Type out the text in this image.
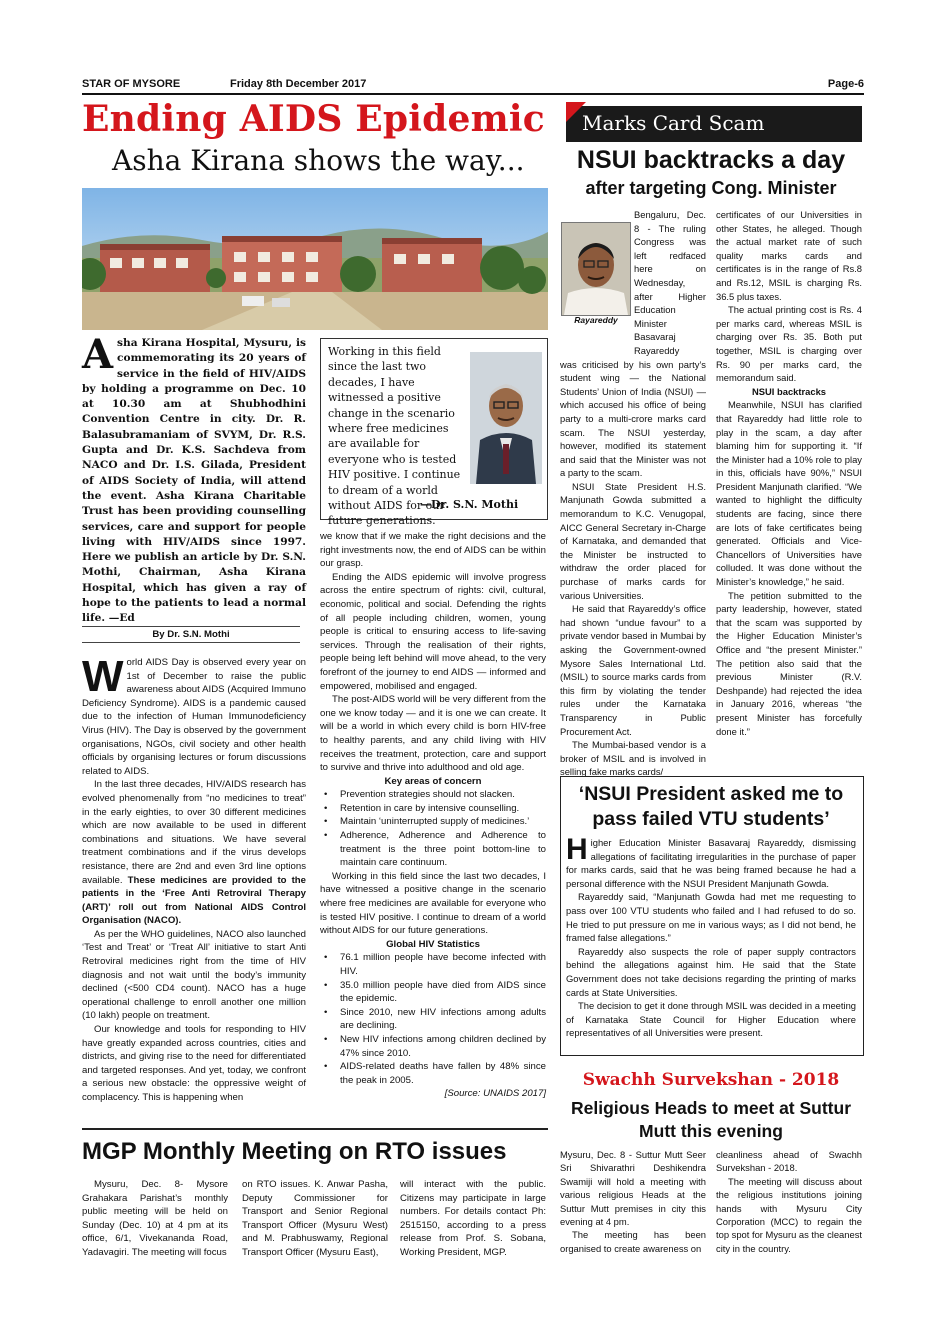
STAR OF MYSORE	Friday 8th December 2017	Page-6
Ending AIDS Epidemic
Asha Kirana shows the way...
Asha Kirana Hospital, Mysuru, is commemorating its 20 years of service in the field of HIV/AIDS by holding a programme on Dec. 10 at 10.30 am at Shubhodhini Convention Centre in city. Dr. R. Balasubramaniam of SVYM, Dr. R.S. Gupta and Dr. K.S. Sachdeva from NACO and Dr. I.S. Gilada, President of AIDS Society of India, will attend the event. Asha Kirana Charitable Trust has been providing counselling services, care and support for people living with HIV/AIDS since 1997. Here we publish an article by Dr. S.N. Mothi, Chairman, Asha Kirana Hospital, which has given a ray of hope to the patients to lead a normal life. —Ed
By Dr. S.N. Mothi

World AIDS Day is observed every year on 1st of December to raise the public awareness about AIDS (Acquired Immuno Deficiency Syndrome). AIDS is a pandemic caused due to the infection of Human Immunodeficiency Virus (HIV). The Day is observed by the government organisations, NGOs, civil society and other health officials by organising lectures or forum discussions related to AIDS.

In the last three decades, HIV/AIDS research has evolved phenomenally from “no medicines to treat” in the early eighties, to over 30 different medicines which are now available to be used in different combinations and situations. We have several treatment combinations and if the virus develops resistance, there are 2nd and even 3rd line options available. These medicines are provided to the patients in the ‘Free Anti Retroviral Therapy (ART)’ roll out from National AIDS Control Organisation (NACO).

As per the WHO guidelines, NACO also launched ‘Test and Treat’ or ‘Treat All’ initiative to start Anti Retroviral medicines right from the time of HIV diagnosis and not wait until the body’s immunity declined (<500 CD4 count). NACO has a huge operational challenge to enroll another one million (10 lakh) people on treatment.

Our knowledge and tools for responding to HIV have greatly expanded across countries, cities and districts, and giving rise to the need for differentiated and targeted responses. And yet, today, we confront a serious new obstacle: the oppressive weight of complacency. This is happening when

Working in this field since the last two decades, I have witnessed a positive change in the scenario where free medicines are available for everyone who is tested HIV positive. I continue to dream of a world without AIDS for our future generations.
—Dr. S.N. Mothi

we know that if we make the right decisions and the right investments now, the end of AIDS can be within our grasp.

Ending the AIDS epidemic will involve progress across the entire spectrum of rights: civil, cultural, economic, political and social. Defending the rights of all people including children, women, young people is critical to ensuring access to life-saving services. Through the realisation of their rights, people being left behind will move ahead, to the very forefront of the journey to end AIDS — informed and empowered, mobilised and engaged.

The post-AIDS world will be very different from the one we know today — and it is one we can create. It will be a world in which every child is born HIV-free to healthy parents, and any child living with HIV receives the treatment, protection, care and support to survive and thrive into adulthood and old age.

Key areas of concern
• Prevention strategies should not slacken.
• Retention in care by intensive counselling.
• Maintain ‘uninterrupted supply of medicines.’
• Adherence, Adherence and Adherence to treatment is the three point bottom-line to maintain care continuum.

Working in this field since the last two decades, I have witnessed a positive change in the scenario where free medicines are available for everyone who is tested HIV positive. I continue to dream of a world without AIDS for our future generations.

Global HIV Statistics
• 76.1 million people have become infected with HIV.
• 35.0 million people have died from AIDS since the epidemic.
• Since 2010, new HIV infections among adults are declining.
• New HIV infections among children declined by 47% since 2010.
• AIDS-related deaths have fallen by 48% since the peak in 2005.
[Source: UNAIDS 2017]
MGP Monthly Meeting on RTO issues

Mysuru, Dec. 8- Mysore Grahakara Parishat’s monthly public meeting will be held on Sunday (Dec. 10) at 4 pm at its office, 6/1, Vivekananda Road, Yadavagiri. The meeting will focus

on RTO issues. K. Anwar Pasha, Deputy Commissioner for Transport and Senior Regional Transport Officer (Mysuru West) and M. Prabhuswamy, Regional Transport Officer (Mysuru East),

will interact with the public. Citizens may participate in large numbers. For details contact Ph: 2515150, according to a press release from Prof. S. Sobana, Working President, MGP.

Marks Card Scam
NSUI backtracks a day
after targeting Cong. Minister
Rayareddy

Bengaluru, Dec. 8 - The ruling Congress was left redfaced here on Wednesday, after Higher Education Minister Basavaraj Rayareddy

was criticised by his own party’s student wing — the National Students’ Union of India (NSUI) — which accused his office of being party to a multi-crore marks card scam. The NSUI yesterday, however, modified its statement and said that the Minister was not a party to the scam.

NSUI State President H.S. Manjunath Gowda submitted a memorandum to K.C. Venugopal, AICC General Secretary in-Charge of Karnataka, and demanded that the Minister be instructed to withdraw the order placed for purchase of marks cards for various Universities.

He said that Rayareddy’s office had shown “undue favour” to a private vendor based in Mumbai by asking the Government-owned Mysore Sales International Ltd. (MSIL) to source marks cards from this firm by violating the tender rules under the Karnataka Transparency in Public Procurement Act.

The Mumbai-based vendor is a broker of MSIL and is involved in selling fake marks cards/

certificates of our Universities in other States, he alleged. Though the actual market rate of such quality marks cards and certificates is in the range of Rs.8 and Rs.12, MSIL is charging Rs. 36.5 plus taxes.

The actual printing cost is Rs. 4 per marks card, whereas MSIL is charging over Rs. 35. Both put together, MSIL is charging over Rs. 90 per marks card, the memorandum said.

NSUI backtracks

Meanwhile, NSUI has clarified that Rayareddy had little role to play in the scam, a day after blaming him for supporting it. “If the Minister had a 10% role to play in this, officials have 90%,” NSUI President Manjunath clarified. “We wanted to highlight the difficulty students are facing, since there are lots of fake certificates being generated. Officials and Vice-Chancellors of Universities have colluded. It was done without the Minister’s knowledge,” he said.

The petition submitted to the party leadership, however, stated that the scam was supported by the Higher Education Minister’s Office and “the present Minister.” The petition also said that the previous Minister (R.V. Deshpande) had rejected the idea in January 2016, whereas “the present Minister has forcefully done it.”

‘NSUI President asked me to pass failed VTU students’

Higher Education Minister Basavaraj Rayareddy, dismissing allegations of facilitating irregularities in the purchase of paper for marks cards, said that he was being framed because he had a personal difference with the NSUI President Manjunath Gowda.

Rayareddy said, “Manjunath Gowda had met me requesting to pass over 100 VTU students who failed and I had refused to do so. He tried to put pressure on me in various ways; as I did not bend, he framed false allegations.”

Rayareddy also suspects the role of paper supply contractors behind the allegations against him. He said that the State Government does not take decisions regarding the printing of marks cards at State Universities.

The decision to get it done through MSIL was decided in a meeting of Karnataka State Council for Higher Education where representatives of all Universities were present.

Swachh Survekshan - 2018
Religious Heads to meet at Suttur Mutt this evening

Mysuru, Dec. 8 - Suttur Mutt Seer Sri Shivarathri Deshikendra Swamiji will hold a meeting with various religious Heads at the Suttur Mutt premises in city this evening at 4 pm.

The meeting has been organised to create awareness on

cleanliness ahead of Swachh Survekshan - 2018.

The meeting will discuss about the religious institutions joining hands with Mysuru City Corporation (MCC) to regain the top spot for Mysuru as the cleanest city in the country.
